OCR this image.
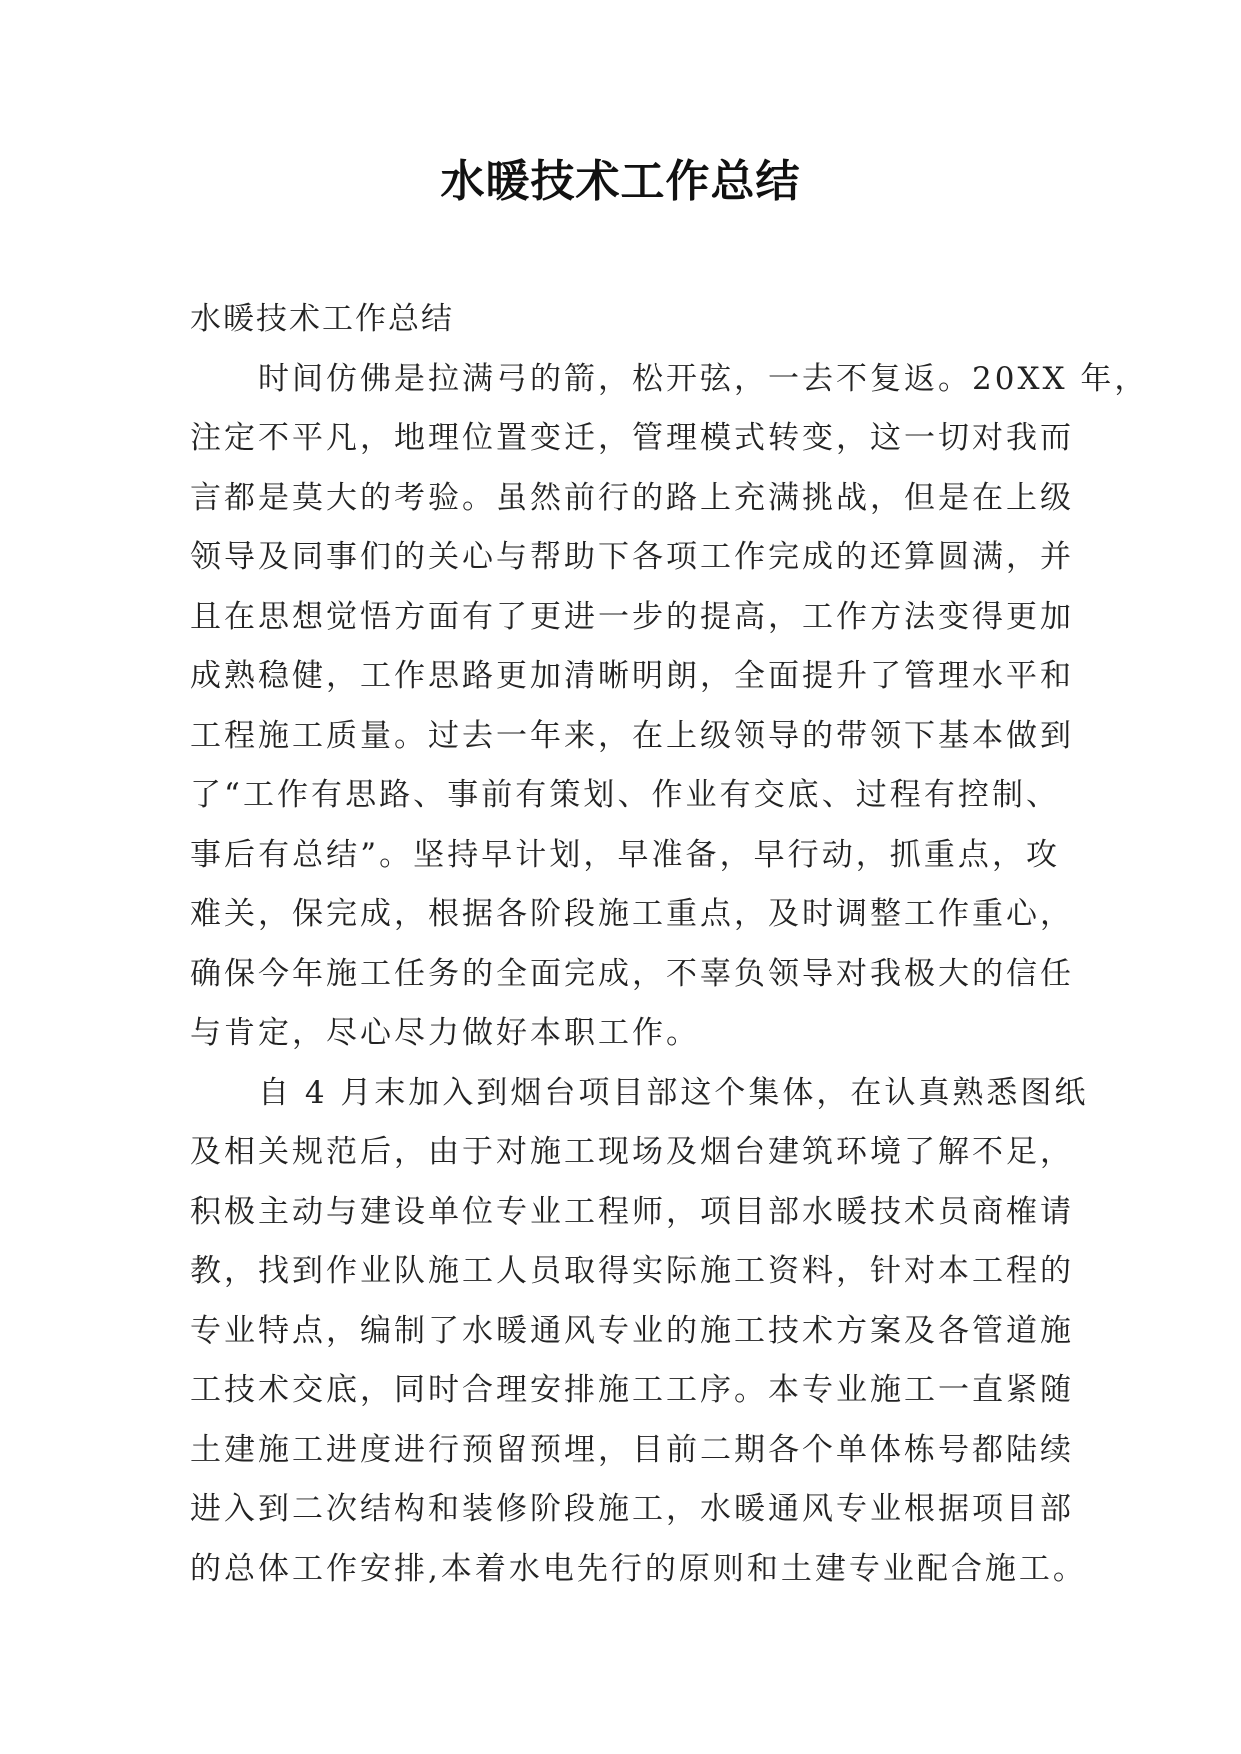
水暖技术工作总结
水暖技术工作总结
时间仿佛是拉满弓的箭，松开弦，一去不复返。20XX 年，
注定不平凡，地理位置变迁，管理模式转变，这一切对我而
言都是莫大的考验。虽然前行的路上充满挑战，但是在上级
领导及同事们的关心与帮助下各项工作完成的还算圆满，并
且在思想觉悟方面有了更进一步的提高，工作方法变得更加
成熟稳健，工作思路更加清晰明朗，全面提升了管理水平和
工程施工质量。过去一年来，在上级领导的带领下基本做到
了“工作有思路、事前有策划、作业有交底、过程有控制、
事后有总结”。坚持早计划，早准备，早行动，抓重点，攻
难关，保完成，根据各阶段施工重点，及时调整工作重心，
确保今年施工任务的全面完成，不辜负领导对我极大的信任
与肯定，尽心尽力做好本职工作。
自 4 月末加入到烟台项目部这个集体，在认真熟悉图纸
及相关规范后，由于对施工现场及烟台建筑环境了解不足，
积极主动与建设单位专业工程师，项目部水暖技术员商榷请
教，找到作业队施工人员取得实际施工资料，针对本工程的
专业特点，编制了水暖通风专业的施工技术方案及各管道施
工技术交底，同时合理安排施工工序。本专业施工一直紧随
土建施工进度进行预留预埋，目前二期各个单体栋号都陆续
进入到二次结构和装修阶段施工，水暖通风专业根据项目部
的总体工作安排,本着水电先行的原则和土建专业配合施工。
